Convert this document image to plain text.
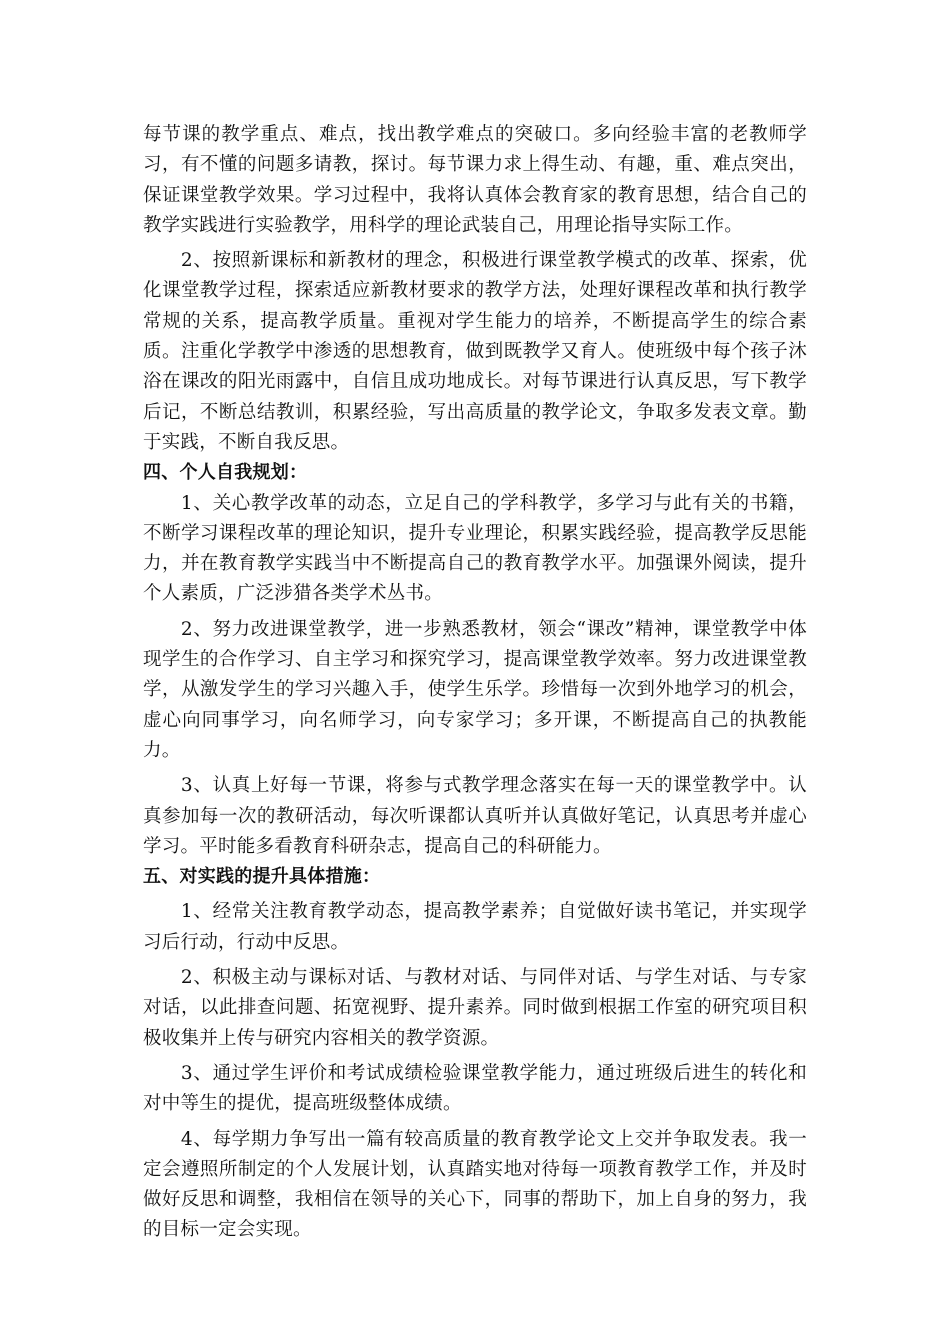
每节课的教学重点、难点，找出教学难点的突破口。多向经验丰富的老教师学习，有不懂的问题多请教，探讨。每节课力求上得生动、有趣，重、难点突出，保证课堂教学效果。学习过程中，我将认真体会教育家的教育思想，结合自己的教学实践进行实验教学，用科学的理论武装自己，用理论指导实际工作。

2、按照新课标和新教材的理念，积极进行课堂教学模式的改革、探索，优化课堂教学过程，探索适应新教材要求的教学方法，处理好课程改革和执行教学常规的关系，提高教学质量。重视对学生能力的培养，不断提高学生的综合素质。注重化学教学中渗透的思想教育，做到既教学又育人。使班级中每个孩子沐浴在课改的阳光雨露中，自信且成功地成长。对每节课进行认真反思，写下教学后记，不断总结教训，积累经验，写出高质量的教学论文，争取多发表文章。勤于实践，不断自我反思。

四、个人自我规划：

1、关心教学改革的动态，立足自己的学科教学，多学习与此有关的书籍，不断学习课程改革的理论知识，提升专业理论，积累实践经验，提高教学反思能力，并在教育教学实践当中不断提高自己的教育教学水平。加强课外阅读，提升个人素质，广泛涉猎各类学术丛书。

2、努力改进课堂教学，进一步熟悉教材，领会“课改”精神，课堂教学中体现学生的合作学习、自主学习和探究学习，提高课堂教学效率。努力改进课堂教学，从激发学生的学习兴趣入手，使学生乐学。珍惜每一次到外地学习的机会，虚心向同事学习，向名师学习，向专家学习；多开课，不断提高自己的执教能力。

3、认真上好每一节课，将参与式教学理念落实在每一天的课堂教学中。认真参加每一次的教研活动，每次听课都认真听并认真做好笔记，认真思考并虚心学习。平时能多看教育科研杂志，提高自己的科研能力。

五、对实践的提升具体措施：

1、经常关注教育教学动态，提高教学素养；自觉做好读书笔记，并实现学习后行动，行动中反思。

2、积极主动与课标对话、与教材对话、与同伴对话、与学生对话、与专家对话，以此排查问题、拓宽视野、提升素养。同时做到根据工作室的研究项目积极收集并上传与研究内容相关的教学资源。

3、通过学生评价和考试成绩检验课堂教学能力，通过班级后进生的转化和对中等生的提优，提高班级整体成绩。

4、每学期力争写出一篇有较高质量的教育教学论文上交并争取发表。我一定会遵照所制定的个人发展计划，认真踏实地对待每一项教育教学工作，并及时做好反思和调整，我相信在领导的关心下，同事的帮助下，加上自身的努力，我的目标一定会实现。
